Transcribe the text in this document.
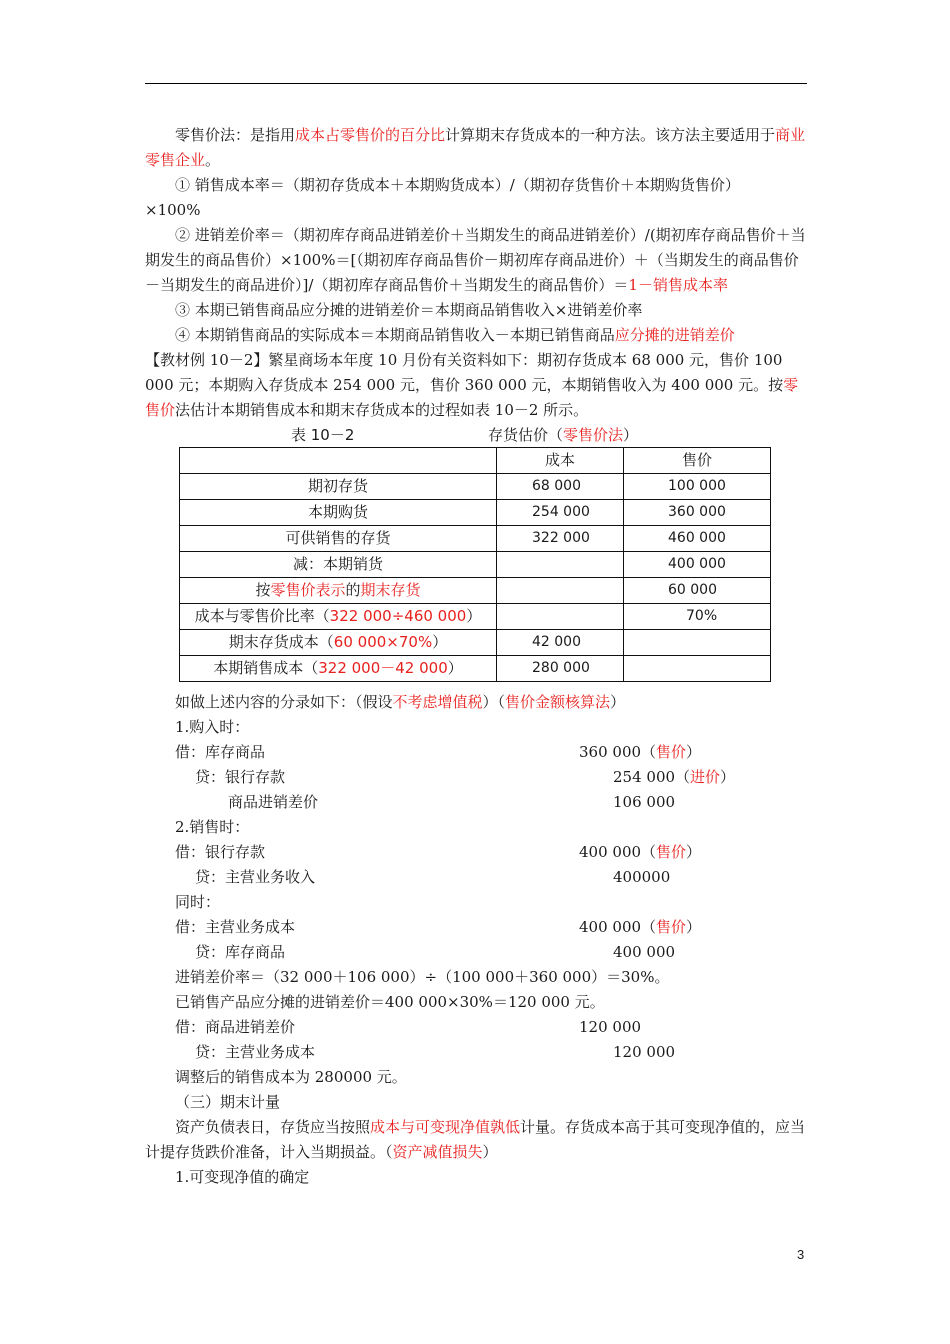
零售价法：是指用成本占零售价的百分比计算期末存货成本的一种方法。该方法主要适用于商业零售企业。

① 销售成本率＝（期初存货成本＋本期购货成本）/（期初存货售价＋本期购货售价）

×100%

② 进销差价率＝（期初库存商品进销差价＋当期发生的商品进销差价）/(期初库存商品售价＋当期发生的商品售价）×100%＝[（期初库存商品售价－期初库存商品进价）＋（当期发生的商品售价－当期发生的商品进价）]/（期初库存商品售价＋当期发生的商品售价）＝1－销售成本率

③ 本期已销售商品应分摊的进销差价＝本期商品销售收入×进销差价率

④ 本期销售商品的实际成本＝本期商品销售收入－本期已销售商品应分摊的进销差价

【教材例 10－2】繁星商场本年度 10 月份有关资料如下：期初存货成本 68 000 元，售价 100 000 元；本期购入存货成本 254 000 元，售价 360 000 元，本期销售收入为 400 000 元。按零售价法估计本期销售成本和期末存货成本的过程如表 10－2 所示。

表 10－2	存货估价（零售价法）
	成本	售价
期初存货	68 000	100 000
本期购货	254 000	360 000
可供销售的存货	322 000	460 000
减：本期销货		400 000
按零售价表示的期末存货		60 000
成本与零售价比率（322 000÷460 000）		70%
期末存货成本（60 000×70%）	42 000	
本期销售成本（322 000－42 000）	280 000	

如做上述内容的分录如下：（假设不考虑增值税）（售价金额核算法）

1.购入时：

借：库存商品	360 000（售价）
贷：银行存款	254 000（进价）
商品进销差价	106 000

2.销售时：

借：银行存款	400 000（售价）
贷：主营业务收入	400000

同时：

借：主营业务成本	400 000（售价）
贷：库存商品	400 000

进销差价率＝（32 000＋106 000）÷（100 000＋360 000）＝30%。

已销售产品应分摊的进销差价＝400 000×30%＝120 000 元。

借：商品进销差价	120 000
贷：主营业务成本	120 000

调整后的销售成本为 280000 元。

（三）期末计量

资产负债表日，存货应当按照成本与可变现净值孰低计量。存货成本高于其可变现净值的，应当计提存货跌价准备，计入当期损益。（资产减值损失）

1.可变现净值的确定

3
